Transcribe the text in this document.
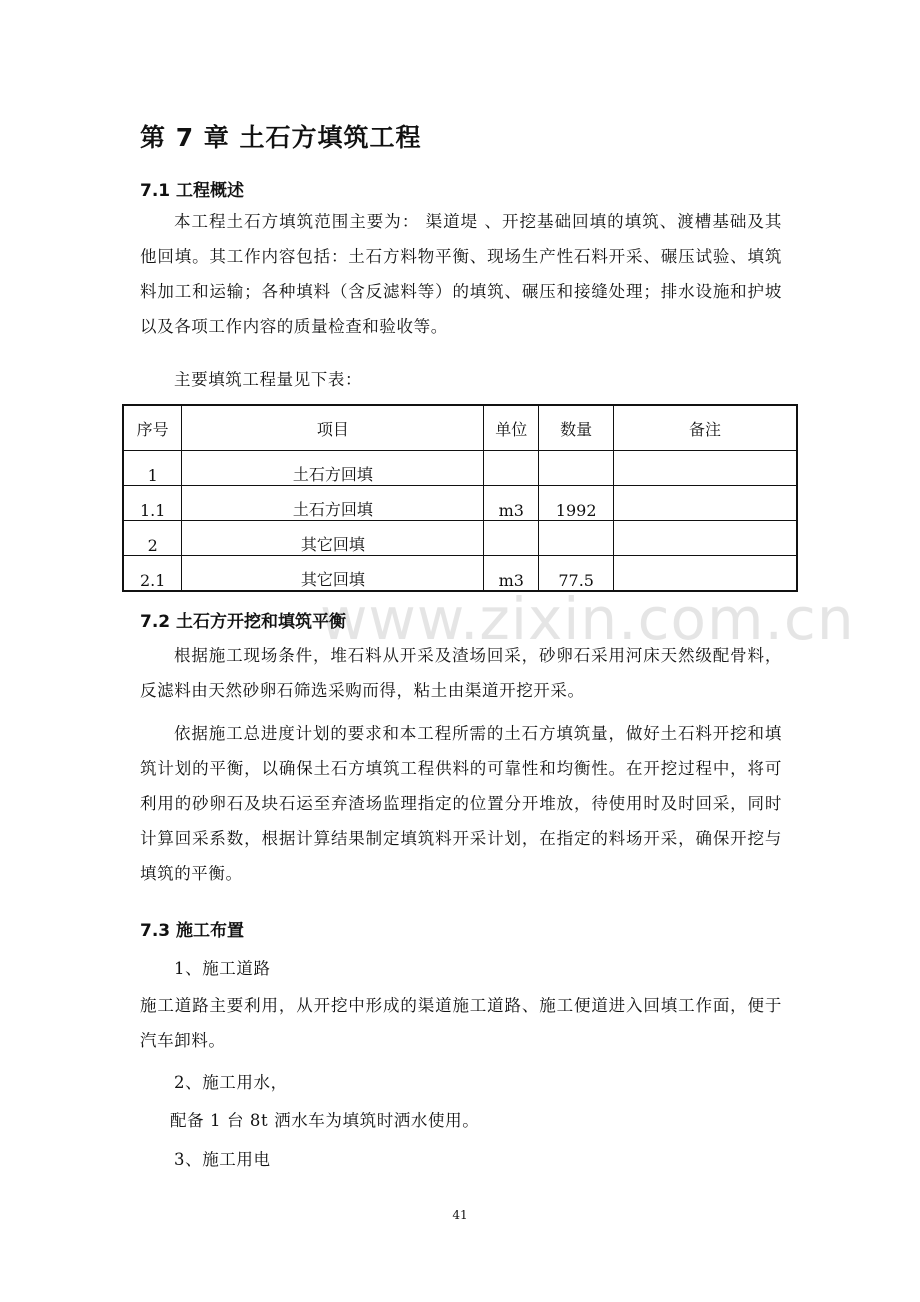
www.zixin.com.cn
第 7 章 土石方填筑工程
7.1 工程概述

本工程土石方填筑范围主要为： 渠道堤 、开挖基础回填的填筑、渡槽基础及其他回填。其工作内容包括：土石方料物平衡、现场生产性石料开采、碾压试验、填筑料加工和运输；各种填料（含反滤料等）的填筑、碾压和接缝处理；排水设施和护坡以及各项工作内容的质量检查和验收等。

主要填筑工程量见下表：

序号	项目	单位	数量	备注
1	土石方回填			
1.1	土石方回填	m3	1992	
2	其它回填			
2.1	其它回填	m3	77.5	
7.2 土石方开挖和填筑平衡

根据施工现场条件，堆石料从开采及渣场回采，砂卵石采用河床天然级配骨料，反滤料由天然砂卵石筛选采购而得，粘土由渠道开挖开采。

依据施工总进度计划的要求和本工程所需的土石方填筑量，做好土石料开挖和填筑计划的平衡，以确保土石方填筑工程供料的可靠性和均衡性。在开挖过程中，将可利用的砂卵石及块石运至弃渣场监理指定的位置分开堆放，待使用时及时回采，同时计算回采系数，根据计算结果制定填筑料开采计划，在指定的料场开采，确保开挖与填筑的平衡。

7.3 施工布置

1、施工道路

施工道路主要利用，从开挖中形成的渠道施工道路、施工便道进入回填工作面，便于汽车卸料。

2、施工用水，

配备 1 台 8t 洒水车为填筑时洒水使用。

3、施工用电

41
